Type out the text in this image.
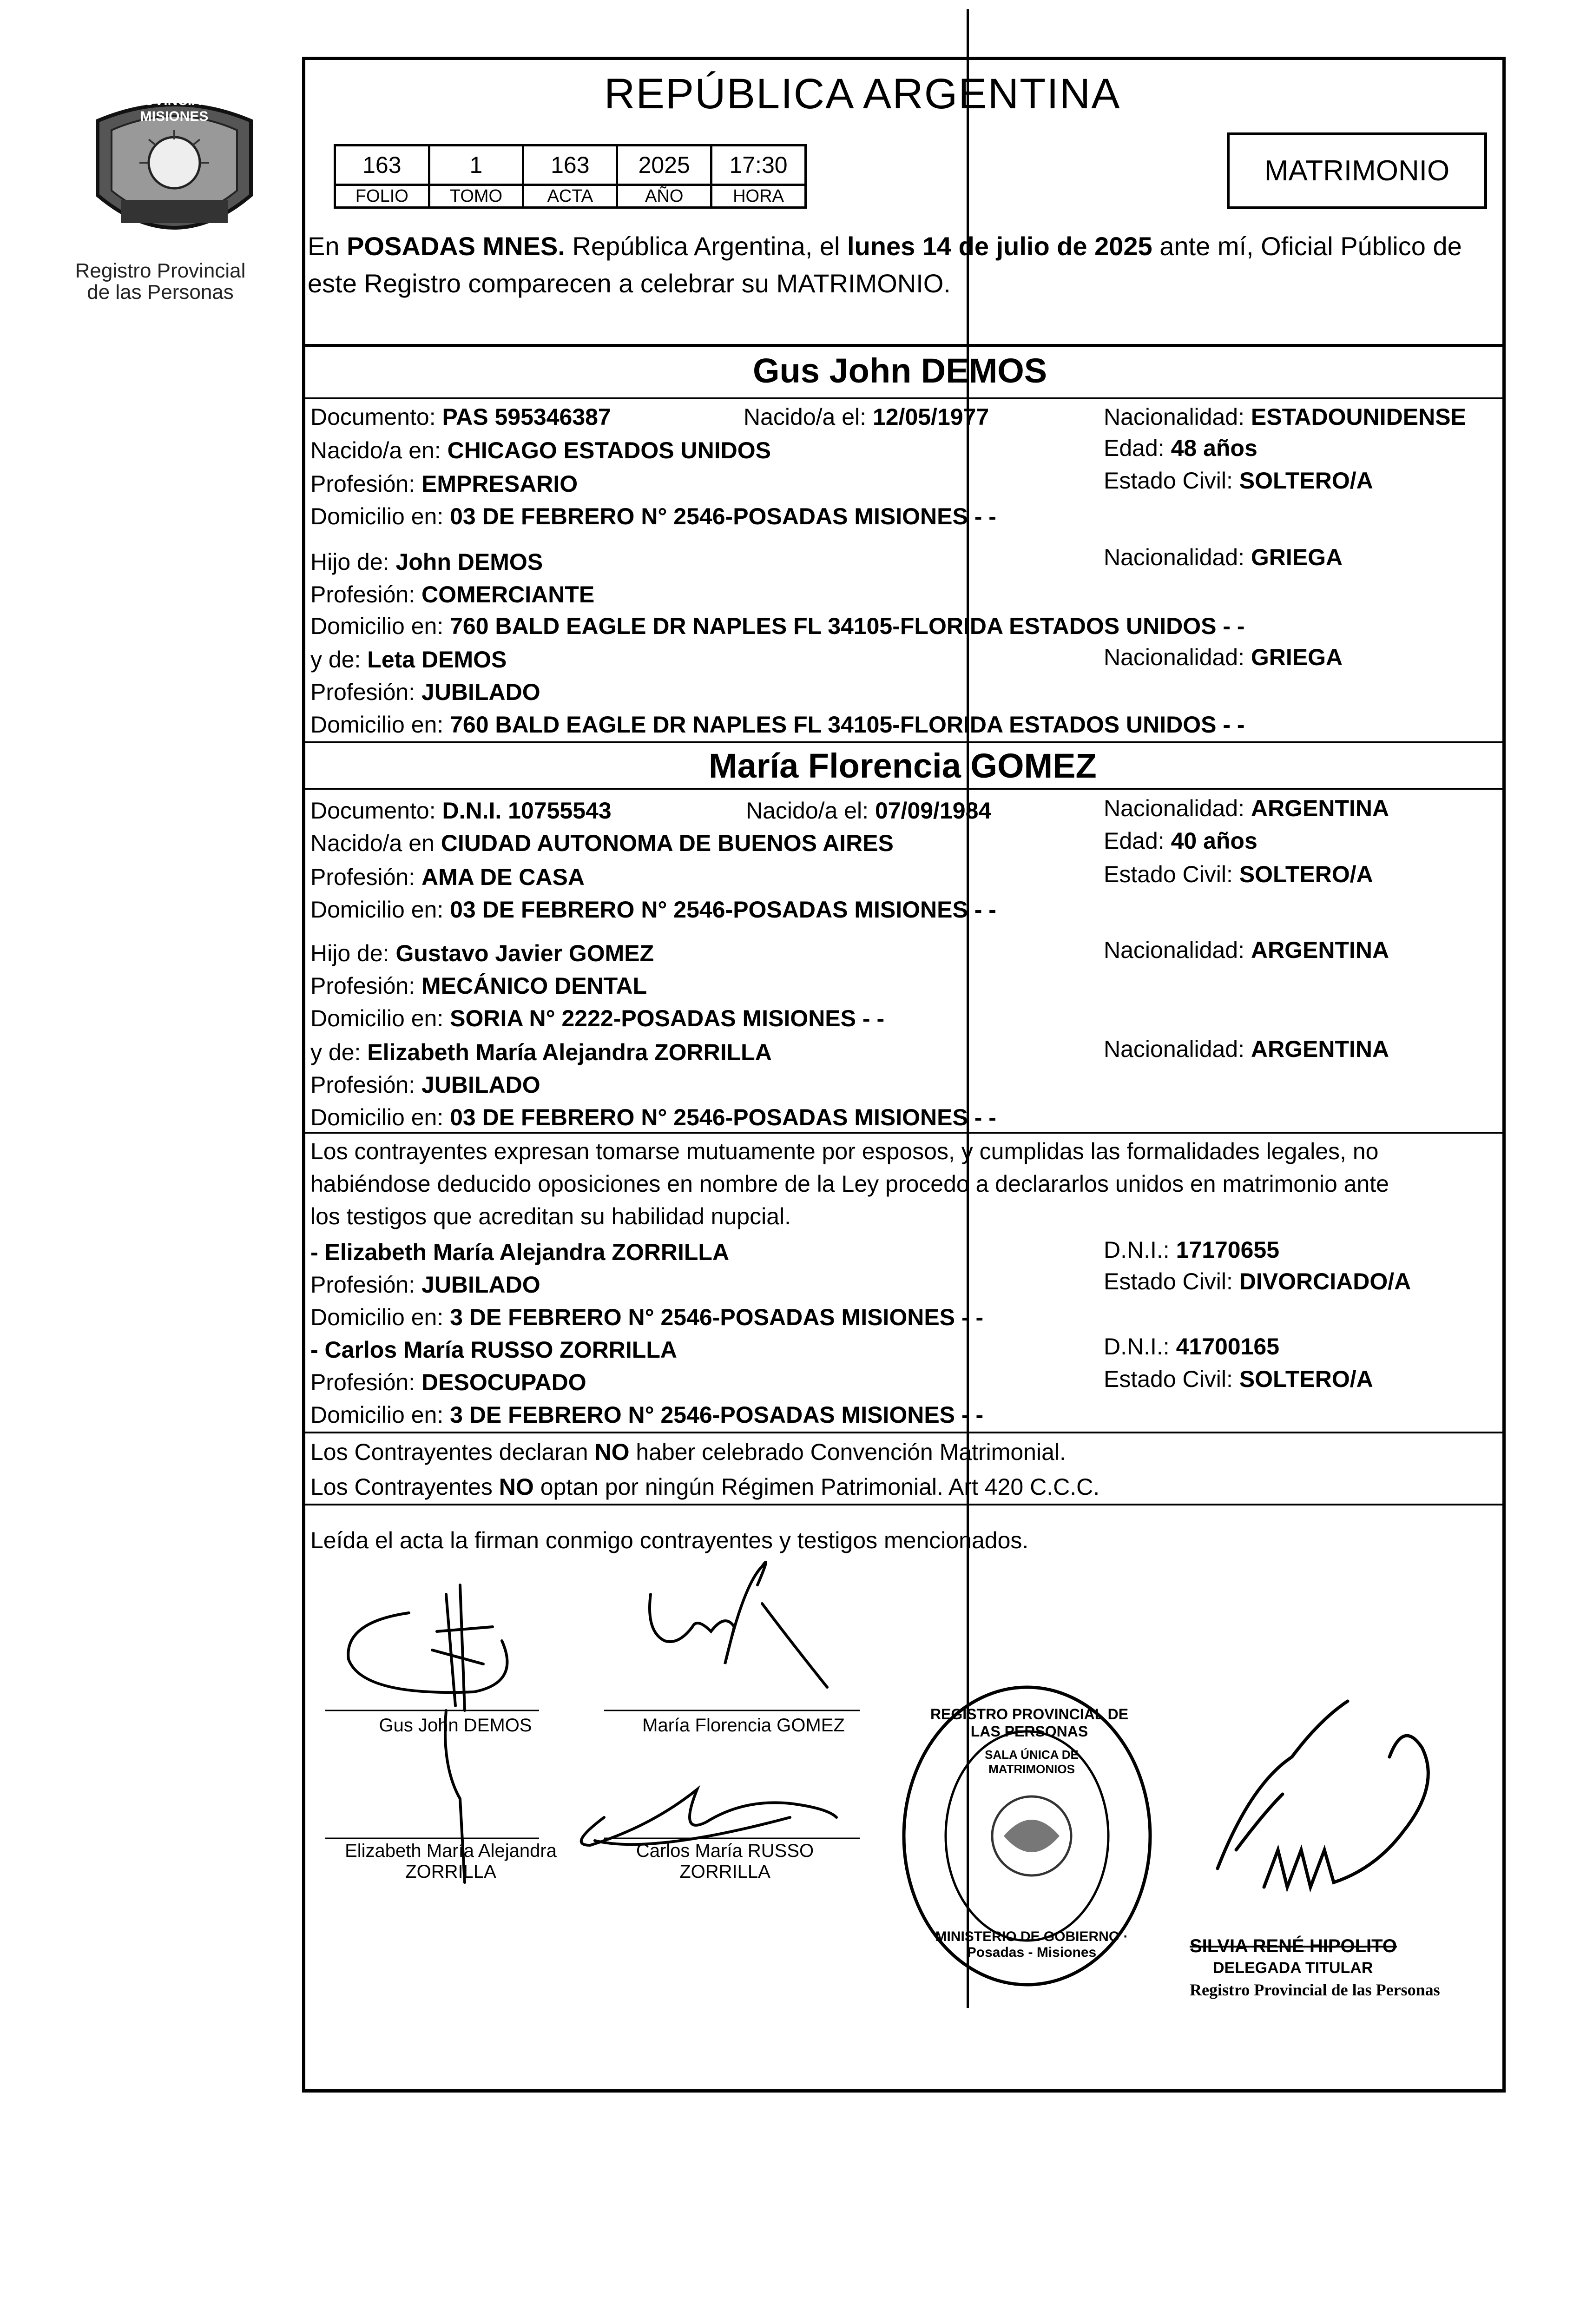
PROVINCIA DE MISIONES
Registro Provincial
de las Personas
REPÚBLICA ARGENTINA
163	1	163	2025	17:30
FOLIO	TOMO	ACTA	AÑO	HORA
MATRIMONIO
En POSADAS MNES. República Argentina, el lunes 14 de julio de 2025 ante mí, Oficial Público de este Registro comparecen a celebrar su MATRIMONIO.
Gus John DEMOS
Documento: PAS 595346387	Nacido/a el: 12/05/1977	Nacionalidad: ESTADOUNIDENSE
Nacido/a en: CHICAGO ESTADOS UNIDOS	Edad: 48 años
Profesión: EMPRESARIO	Estado Civil: SOLTERO/A
Domicilio en: 03 DE FEBRERO N° 2546-POSADAS MISIONES - -
Hijo de: John DEMOS	Nacionalidad: GRIEGA
Profesión: COMERCIANTE
Domicilio en: 760 BALD EAGLE DR NAPLES FL 34105-FLORIDA ESTADOS UNIDOS - -
y de: Leta DEMOS	Nacionalidad: GRIEGA
Profesión: JUBILADO
Domicilio en: 760 BALD EAGLE DR NAPLES FL 34105-FLORIDA ESTADOS UNIDOS - -
María Florencia GOMEZ
Documento: D.N.I. 10755543	Nacido/a el: 07/09/1984	Nacionalidad: ARGENTINA
Nacido/a en CIUDAD AUTONOMA DE BUENOS AIRES	Edad: 40 años
Profesión: AMA DE CASA	Estado Civil: SOLTERO/A
Domicilio en: 03 DE FEBRERO N° 2546-POSADAS MISIONES - -
Hijo de: Gustavo Javier GOMEZ	Nacionalidad: ARGENTINA
Profesión: MECÁNICO DENTAL
Domicilio en: SORIA N° 2222-POSADAS MISIONES - -
y de: Elizabeth María Alejandra ZORRILLA	Nacionalidad: ARGENTINA
Profesión: JUBILADO
Domicilio en: 03 DE FEBRERO N° 2546-POSADAS MISIONES - -
Los contrayentes expresan tomarse mutuamente por esposos, y cumplidas las formalidades legales, no
habiéndose deducido oposiciones en nombre de la Ley procedo a declararlos unidos en matrimonio ante
los testigos que acreditan su habilidad nupcial.
- Elizabeth María Alejandra ZORRILLA	D.N.I.: 17170655
Profesión: JUBILADO	Estado Civil: DIVORCIADO/A
Domicilio en: 3 DE FEBRERO N° 2546-POSADAS MISIONES - -
- Carlos María RUSSO ZORRILLA	D.N.I.: 41700165
Profesión: DESOCUPADO	Estado Civil: SOLTERO/A
Domicilio en: 3 DE FEBRERO N° 2546-POSADAS MISIONES - -
Los Contrayentes declaran NO haber celebrado Convención Matrimonial.
Los Contrayentes NO optan por ningún Régimen Patrimonial. Art 420 C.C.C.
Leída el acta la firman conmigo contrayentes y testigos mencionados.
Gus John DEMOS	María Florencia GOMEZ
Elizabeth María Alejandra
ZORRILLA
Carlos María RUSSO
ZORRILLA
REGISTRO PROVINCIAL DE LAS PERSONAS
SALA ÚNICA DE MATRIMONIOS
MINISTERIO DE GOBIERNO · Posadas - Misiones	SILVIA RENÉ HIPOLITO
DELEGADA TITULAR
Registro Provincial de las Personas
